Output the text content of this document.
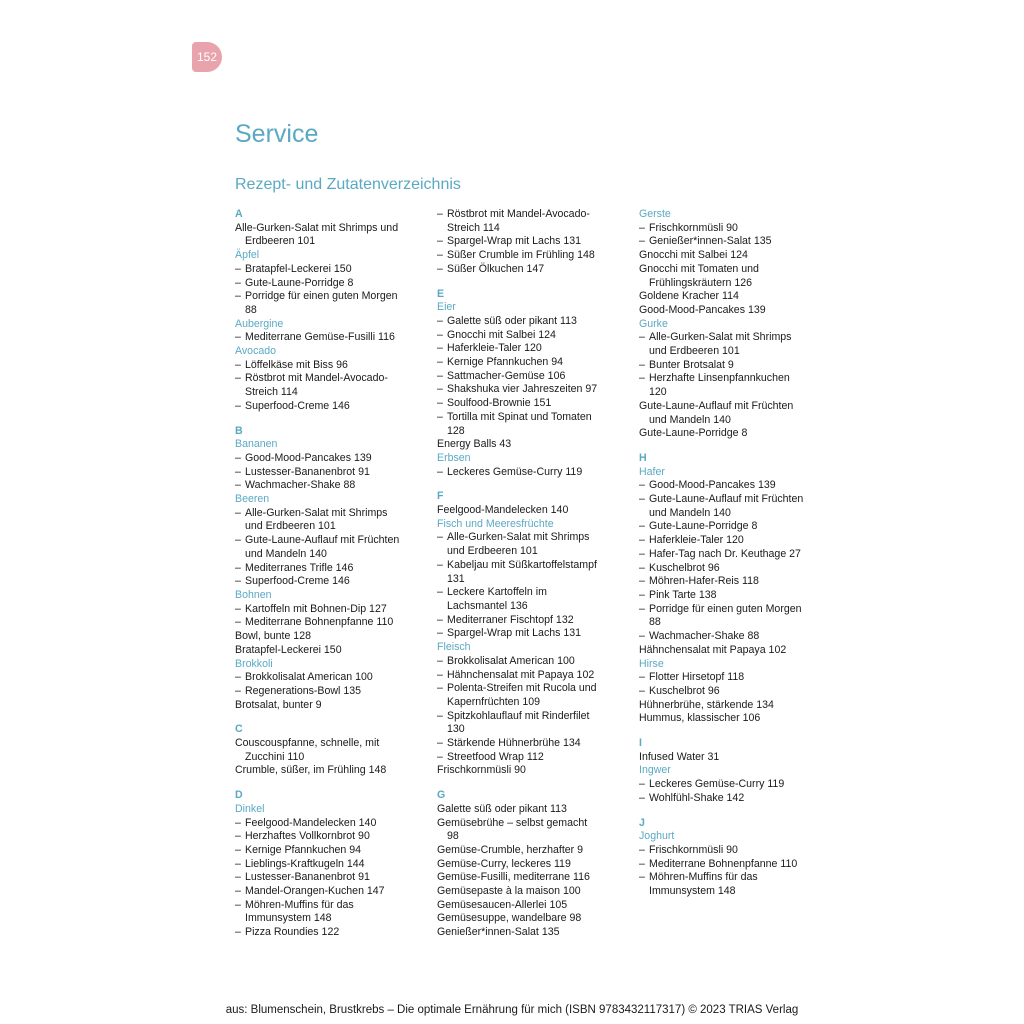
152
Service
Rezept- und Zutatenverzeichnis
A
Alle-Gurken-Salat mit Shrimps und
Erdbeeren 101
Äpfel
– Bratapfel-Leckerei 150
– Gute-Laune-Porridge 8
– Porridge für einen guten Morgen
88
Aubergine
– Mediterrane Gemüse-Fusilli 116
Avocado
– Löffelkäse mit Biss 96
– Röstbrot mit Mandel-Avocado-
Streich 114
– Superfood-Creme 146
B
Bananen
– Good-Mood-Pancakes 139
– Lustesser-Bananenbrot 91
– Wachmacher-Shake 88
Beeren
– Alle-Gurken-Salat mit Shrimps
und Erdbeeren 101
– Gute-Laune-Auflauf mit Früchten
und Mandeln 140
– Mediterranes Trifle 146
– Superfood-Creme 146
Bohnen
– Kartoffeln mit Bohnen-Dip 127
– Mediterrane Bohnenpfanne 110
Bowl, bunte 128
Bratapfel-Leckerei 150
Brokkoli
– Brokkolisalat American 100
– Regenerations-Bowl 135
Brotsalat, bunter 9
C
Couscouspfanne, schnelle, mit
Zucchini 110
Crumble, süßer, im Frühling 148
D
Dinkel
– Feelgood-Mandelecken 140
– Herzhaftes Vollkornbrot 90
– Kernige Pfannkuchen 94
– Lieblings-Kraftkugeln 144
– Lustesser-Bananenbrot 91
– Mandel-Orangen-Kuchen 147
– Möhren-Muffins für das
Immunsystem 148
– Pizza Roundies 122
– Röstbrot mit Mandel-Avocado-
Streich 114
– Spargel-Wrap mit Lachs 131
– Süßer Crumble im Frühling 148
– Süßer Ölkuchen 147
E
Eier
– Galette süß oder pikant 113
– Gnocchi mit Salbei 124
– Haferkleie-Taler 120
– Kernige Pfannkuchen 94
– Sattmacher-Gemüse 106
– Shakshuka vier Jahreszeiten 97
– Soulfood-Brownie 151
– Tortilla mit Spinat und Tomaten
128
Energy Balls 43
Erbsen
– Leckeres Gemüse-Curry 119
F
Feelgood-Mandelecken 140
Fisch und Meeresfrüchte
– Alle-Gurken-Salat mit Shrimps
und Erdbeeren 101
– Kabeljau mit Süßkartoffelstampf
131
– Leckere Kartoffeln im
Lachsmantel 136
– Mediterraner Fischtopf 132
– Spargel-Wrap mit Lachs 131
Fleisch
– Brokkolisalat American 100
– Hähnchensalat mit Papaya 102
– Polenta-Streifen mit Rucola und
Kapernfrüchten 109
– Spitzkohlauflauf mit Rinderfilet
130
– Stärkende Hühnerbrühe 134
– Streetfood Wrap 112
Frischkornmüsli 90
G
Galette süß oder pikant 113
Gemüsebrühe – selbst gemacht
98
Gemüse-Crumble, herzhafter 9
Gemüse-Curry, leckeres 119
Gemüse-Fusilli, mediterrane 116
Gemüsepaste à la maison 100
Gemüsesaucen-Allerlei 105
Gemüsesuppe, wandelbare 98
Genießer*innen-Salat 135
Gerste
– Frischkornmüsli 90
– Genießer*innen-Salat 135
Gnocchi mit Salbei 124
Gnocchi mit Tomaten und
Frühlingskräutern 126
Goldene Kracher 114
Good-Mood-Pancakes 139
Gurke
– Alle-Gurken-Salat mit Shrimps
und Erdbeeren 101
– Bunter Brotsalat 9
– Herzhafte Linsenpfannkuchen
120
Gute-Laune-Auflauf mit Früchten
und Mandeln 140
Gute-Laune-Porridge 8
H
Hafer
– Good-Mood-Pancakes 139
– Gute-Laune-Auflauf mit Früchten
und Mandeln 140
– Gute-Laune-Porridge 8
– Haferkleie-Taler 120
– Hafer-Tag nach Dr. Keuthage 27
– Kuschelbrot 96
– Möhren-Hafer-Reis 118
– Pink Tarte 138
– Porridge für einen guten Morgen
88
– Wachmacher-Shake 88
Hähnchensalat mit Papaya 102
Hirse
– Flotter Hirsetopf 118
– Kuschelbrot 96
Hühnerbrühe, stärkende 134
Hummus, klassischer 106
I
Infused Water 31
Ingwer
– Leckeres Gemüse-Curry 119
– Wohlfühl-Shake 142
J
Joghurt
– Frischkornmüsli 90
– Mediterrane Bohnenpfanne 110
– Möhren-Muffins für das
Immunsystem 148
aus: Blumenschein, Brustkrebs – Die optimale Ernährung für mich (ISBN 9783432117317) © 2023 TRIAS Verlag
